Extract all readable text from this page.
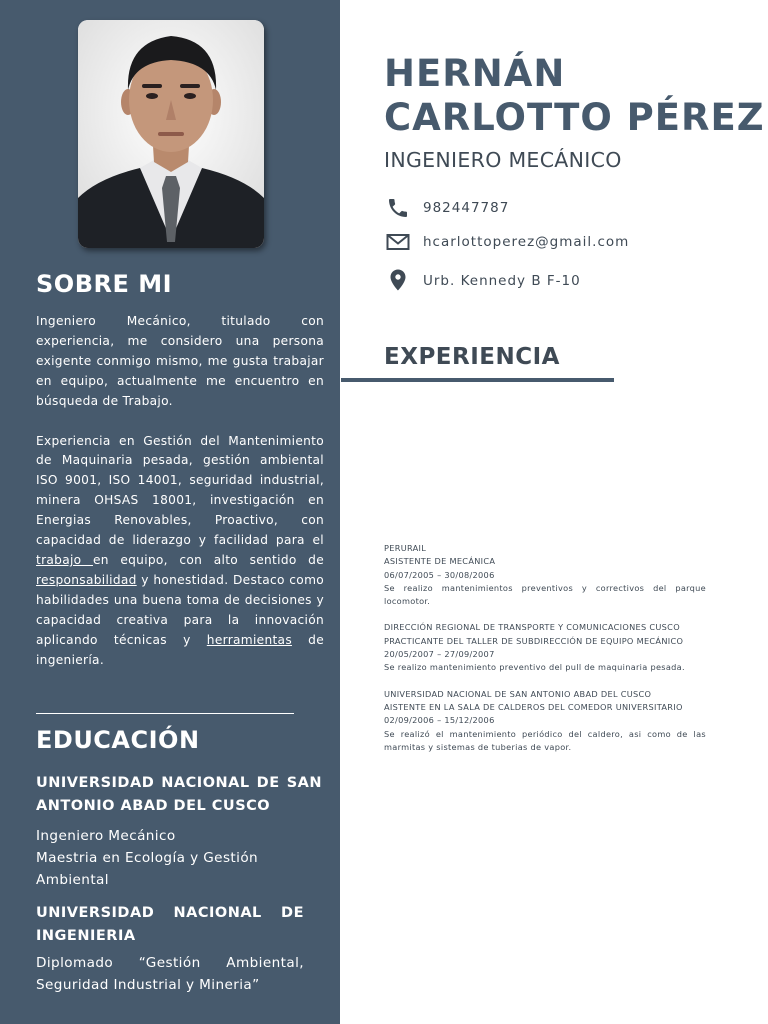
SOBRE MI

Ingeniero Mecánico, titulado con experiencia, me considero una persona exigente conmigo mismo, me gusta trabajar en equipo, actualmente me encuentro en búsqueda de Trabajo.

Experiencia en Gestión del Mantenimiento de Maquinaria pesada, gestión ambiental ISO 9001, ISO 14001, seguridad industrial, minera OHSAS 18001, investigación en Energias Renovables, Proactivo, con capacidad de liderazgo y facilidad para el trabajo en equipo, con alto sentido de responsabilidad y honestidad. Destaco como habilidades una buena toma de decisiones y capacidad creativa para la innovación aplicando técnicas y herramientas de ingeniería.

EDUCACIÓN
UNIVERSIDAD NACIONAL DE SAN ANTONIO ABAD DEL CUSCO
Ingeniero Mecánico
Maestria en Ecología y Gestión Ambiental
UNIVERSIDAD NACIONAL DE INGENIERIA
Diplomado “Gestión Ambiental, Seguridad Industrial y Mineria”
HERNÁN
CARLOTTO PÉREZ
INGENIERO MECÁNICO
982447787
hcarlottoperez@gmail.com
Urb. Kennedy B F-10
EXPERIENCIA
PERURAIL
ASISTENTE DE MECÁNICA
06/07/2005 – 30/08/2006
Se realizo mantenimientos preventivos y correctivos del parque locomotor.
DIRECCIÓN REGIONAL DE TRANSPORTE Y COMUNICACIONES CUSCO
PRACTICANTE DEL TALLER DE SUBDIRECCIÓN DE EQUIPO MECÁNICO
20/05/2007 – 27/09/2007
Se realizo mantenimiento preventivo del pull de maquinaria pesada.
UNIVERSIDAD NACIONAL DE SAN ANTONIO ABAD DEL CUSCO
AISTENTE EN LA SALA DE CALDEROS DEL COMEDOR UNIVERSITARIO
02/09/2006 – 15/12/2006
Se realizó el mantenimiento periódico del caldero, asi como de las marmitas y sistemas de tuberias de vapor.
